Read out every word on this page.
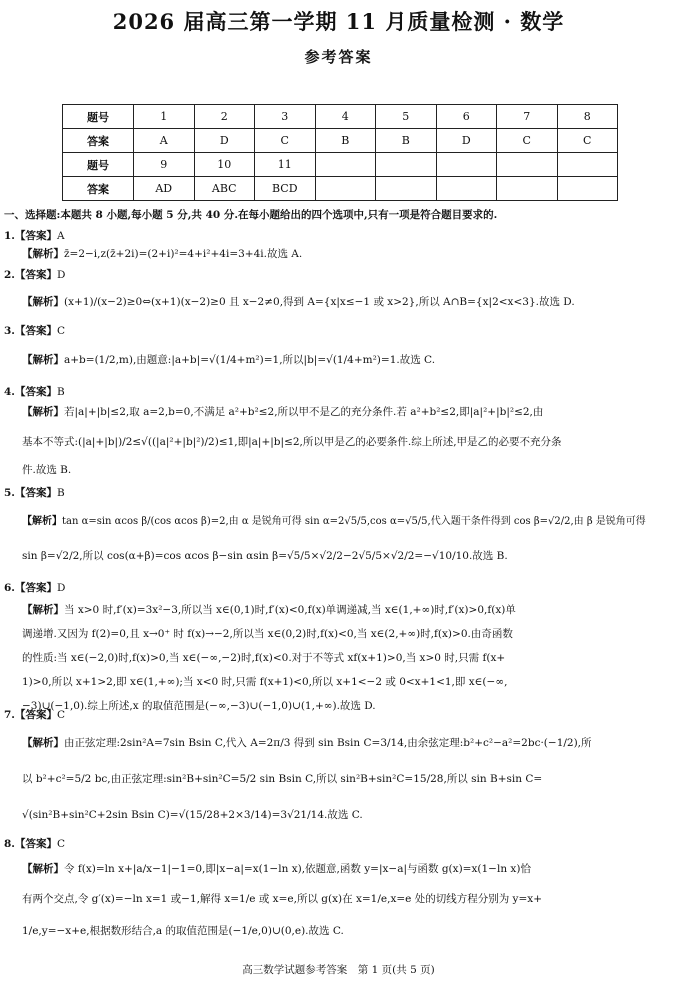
2026 届高三第一学期 11 月质量检测 · 数学
参考答案
题号	1	2	3	4	5	6	7	8
答案	A	D	C	B	B	D	C	C
题号	9	10	11					
答案	AD	ABC	BCD					
一、选择题:本题共 8 小题,每小题 5 分,共 40 分.在每小题给出的四个选项中,只有一项是符合题目要求的.
1.【答案】A
【解析】z̄=2−i,z(z̄+2i)=(2+i)²=4+i²+4i=3+4i.故选 A.
2.【答案】D
【解析】(x+1)/(x−2)≥0⇔(x+1)(x−2)≥0 且 x−2≠0,得到 A={x|x≤−1 或 x>2},所以 A∩B={x|2<x<3}.故选 D.
3.【答案】C
【解析】a+b=(1/2,m),由题意:|a+b|=√(1/4+m²)=1,所以|b|=√(1/4+m²)=1.故选 C.
4.【答案】B
【解析】若|a|+|b|≤2,取 a=2,b=0,不满足 a²+b²≤2,所以甲不是乙的充分条件.若 a²+b²≤2,即|a|²+|b|²≤2,由
基本不等式:(|a|+|b|)/2≤√((|a|²+|b|²)/2)≤1,即|a|+|b|≤2,所以甲是乙的必要条件.综上所述,甲是乙的必要不充分条
件.故选 B.
5.【答案】B
【解析】tan α=sin αcos β/(cos αcos β)=2,由 α 是锐角可得 sin α=2√5/5,cos α=√5/5,代入题干条件得到 cos β=√2/2,由 β 是锐角可得
sin β=√2/2,所以 cos(α+β)=cos αcos β−sin αsin β=√5/5×√2/2−2√5/5×√2/2=−√10/10.故选 B.
6.【答案】D
【解析】当 x>0 时,f′(x)=3x²−3,所以当 x∈(0,1)时,f′(x)<0,f(x)单调递减,当 x∈(1,+∞)时,f′(x)>0,f(x)单
调递增.又因为 f(2)=0,且 x→0⁺ 时 f(x)→−2,所以当 x∈(0,2)时,f(x)<0,当 x∈(2,+∞)时,f(x)>0.由奇函数
的性质:当 x∈(−2,0)时,f(x)>0,当 x∈(−∞,−2)时,f(x)<0.对于不等式 xf(x+1)>0,当 x>0 时,只需 f(x+
1)>0,所以 x+1>2,即 x∈(1,+∞);当 x<0 时,只需 f(x+1)<0,所以 x+1<−2 或 0<x+1<1,即 x∈(−∞,
−3)∪(−1,0).综上所述,x 的取值范围是(−∞,−3)∪(−1,0)∪(1,+∞).故选 D.
7.【答案】C
【解析】由正弦定理:2sin²A=7sin Bsin C,代入 A=2π/3 得到 sin Bsin C=3/14,由余弦定理:b²+c²−a²=2bc·(−1/2),所
以 b²+c²=5/2 bc,由正弦定理:sin²B+sin²C=5/2 sin Bsin C,所以 sin²B+sin²C=15/28,所以 sin B+sin C=
√(sin²B+sin²C+2sin Bsin C)=√(15/28+2×3/14)=3√21/14.故选 C.
8.【答案】C
【解析】令 f(x)=ln x+|a/x−1|−1=0,即|x−a|=x(1−ln x),依题意,函数 y=|x−a|与函数 g(x)=x(1−ln x)恰
有两个交点,令 g′(x)=−ln x=1 或−1,解得 x=1/e 或 x=e,所以 g(x)在 x=1/e,x=e 处的切线方程分别为 y=x+
1/e,y=−x+e,根据数形结合,a 的取值范围是(−1/e,0)∪(0,e).故选 C.
高三数学试题参考答案　第 1 页(共 5 页)
